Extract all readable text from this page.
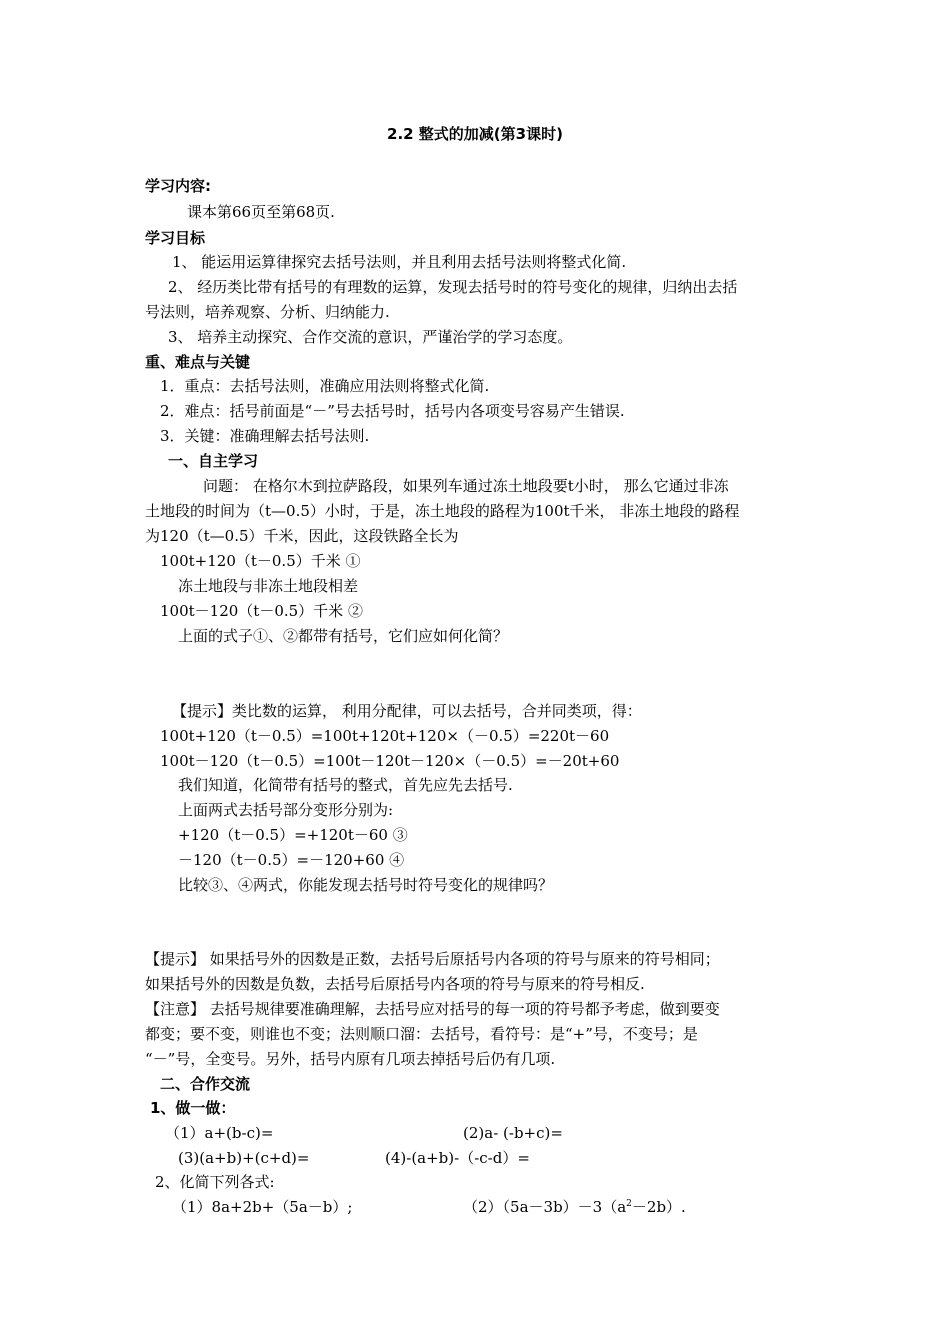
2.2 整式的加减(第3课时)
学习内容:
课本第66页至第68页.
学习目标
1、 能运用运算律探究去括号法则，并且利用去括号法则将整式化简.
2、 经历类比带有括号的有理数的运算，发现去括号时的符号变化的规律，归纳出去括
号法则，培养观察、分析、归纳能力.
3、 培养主动探究、合作交流的意识，严谨治学的学习态度。
重、难点与关键
1．重点：去括号法则，准确应用法则将整式化简.
2．难点：括号前面是“－”号去括号时，括号内各项变号容易产生错误.
3．关键：准确理解去括号法则.
一、自主学习
问题： 在格尔木到拉萨路段，如果列车通过冻土地段要t小时， 那么它通过非冻
土地段的时间为（t—0.5）小时，于是，冻土地段的路程为100t千米， 非冻土地段的路程
为120（t—0.5）千米，因此，这段铁路全长为
100t+120（t－0.5）千米 ①
冻土地段与非冻土地段相差
100t－120（t－0.5）千米 ②
上面的式子①、②都带有括号，它们应如何化简？
【提示】类比数的运算， 利用分配律，可以去括号，合并同类项，得：
100t+120（t－0.5）=100t+120t+120×（－0.5）=220t－60
100t－120（t－0.5）=100t－120t－120×（－0.5）=－20t+60
我们知道，化简带有括号的整式，首先应先去括号.
上面两式去括号部分变形分别为:
+120（t－0.5）=+120t－60 ③
－120（t－0.5）=－120+60 ④
比较③、④两式，你能发现去括号时符号变化的规律吗？
【提示】 如果括号外的因数是正数，去括号后原括号内各项的符号与原来的符号相同；
如果括号外的因数是负数，去括号后原括号内各项的符号与原来的符号相反.
【注意】 去括号规律要准确理解，去括号应对括号的每一项的符号都予考虑，做到要变
都变；要不变，则谁也不变；法则顺口溜：去括号，看符号：是“+”号，不变号；是
“－”号，全变号。另外，括号内原有几项去掉括号后仍有几项.
二、合作交流
1、做一做：
（1）a+(b-c)=	(2)a- (-b+c)=
(3)(a+b)+(c+d)=	(4)-(a+b)-（-c-d）=
2、化简下列各式:
（1）8a+2b+（5a－b）;	$(2)(5a-3b)-3(a^2-2b)$.
